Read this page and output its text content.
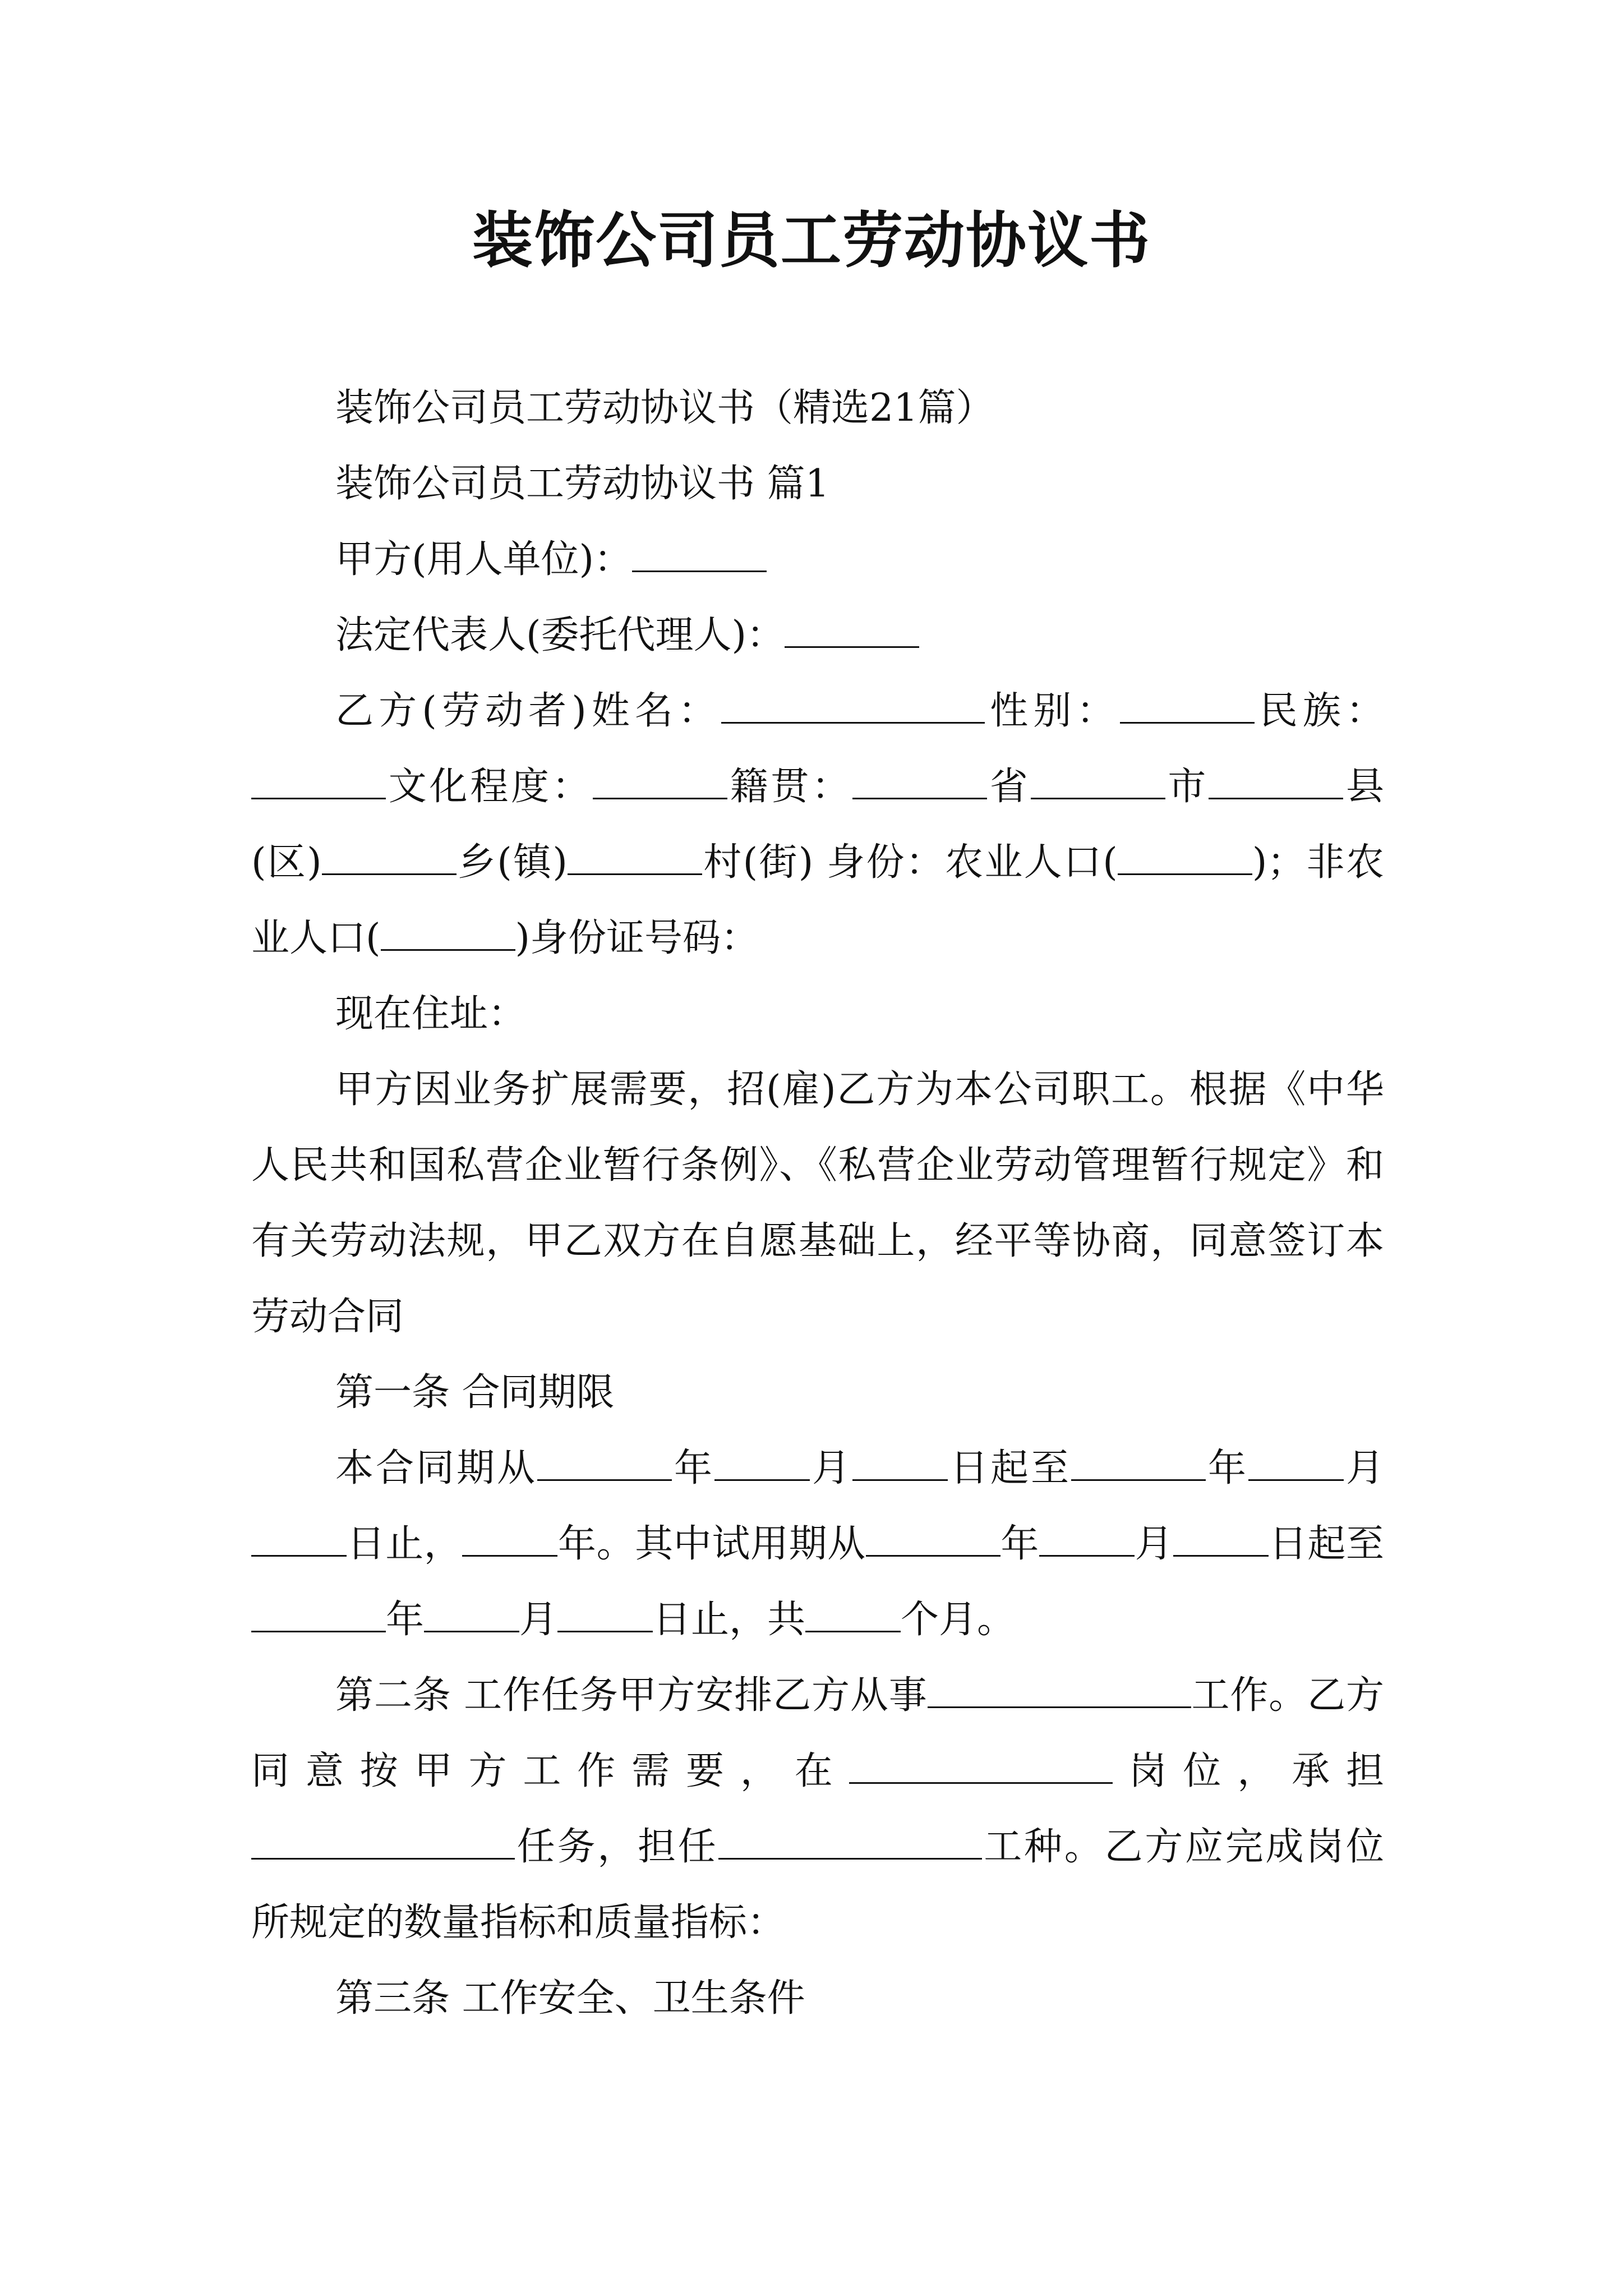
装饰公司员工劳动协议书

装饰公司员工劳动协议书（精选21篇）

装饰公司员工劳动协议书 篇1

甲方(用人单位)：

法定代表人(委托代理人)：

乙方(劳动者)姓名：	性别：	民族：文化程度：	籍贯：	省	市	县(区)	乡(镇)	村(街) 身份：农业人口(	)；非农业人口(	)身份证号码：

现在住址：

甲方因业务扩展需要，招(雇)乙方为本公司职工。根据《中华人民共和国私营企业暂行条例》、《私营企业劳动管理暂行规定》和有关劳动法规，甲乙双方在自愿基础上，经平等协商，同意签订本劳动合同

第一条 合同期限

本合同期从	年	月	日起至	年	月日止，	年。其中试用期从	年	月	日起至年	月	日止，共	个月。

第二条 工作任务甲方安排乙方从事	工作。乙方同意按甲方工作需要，在	岗位，承担任务，担任	工种。乙方应完成岗位所规定的数量指标和质量指标：

第三条 工作安全、卫生条件
